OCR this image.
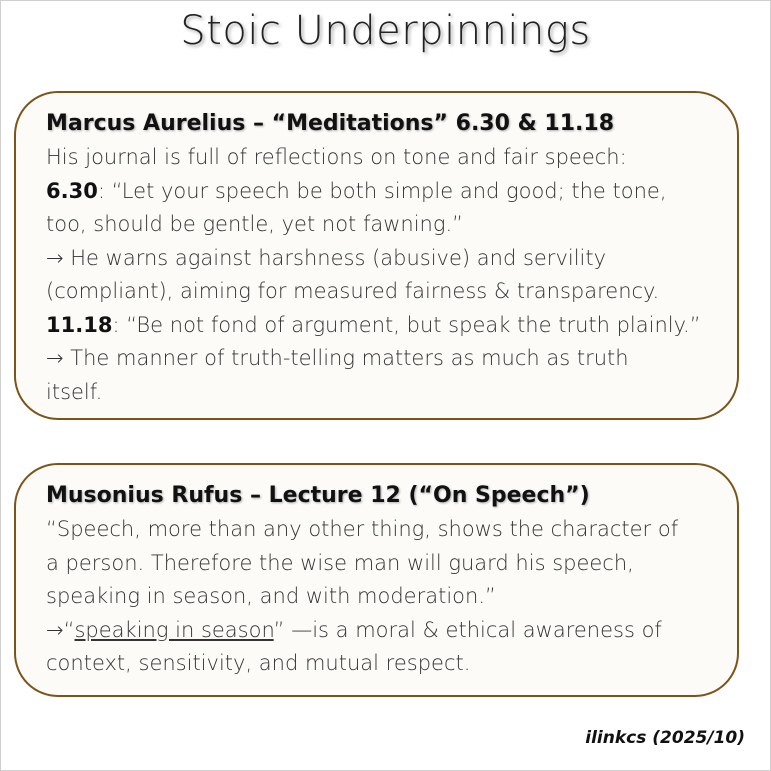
Stoic Underpinnings
Marcus Aurelius – “Meditations” 6.30 & 11.18
His journal is full of reflections on tone and fair speech:
6.30: “Let your speech be both simple and good; the tone,
too, should be gentle, yet not fawning.”
→ He warns against harshness (abusive) and servility
(compliant), aiming for measured fairness & transparency.
11.18: “Be not fond of argument, but speak the truth plainly.”
→ The manner of truth-telling matters as much as truth
itself.
Musonius Rufus – Lecture 12 (“On Speech”)
“Speech, more than any other thing, shows the character of
a person. Therefore the wise man will guard his speech,
speaking in season, and with moderation.”
→“speaking in season” —is a moral & ethical awareness of
context, sensitivity, and mutual respect.
ilinkcs (2025/10)
